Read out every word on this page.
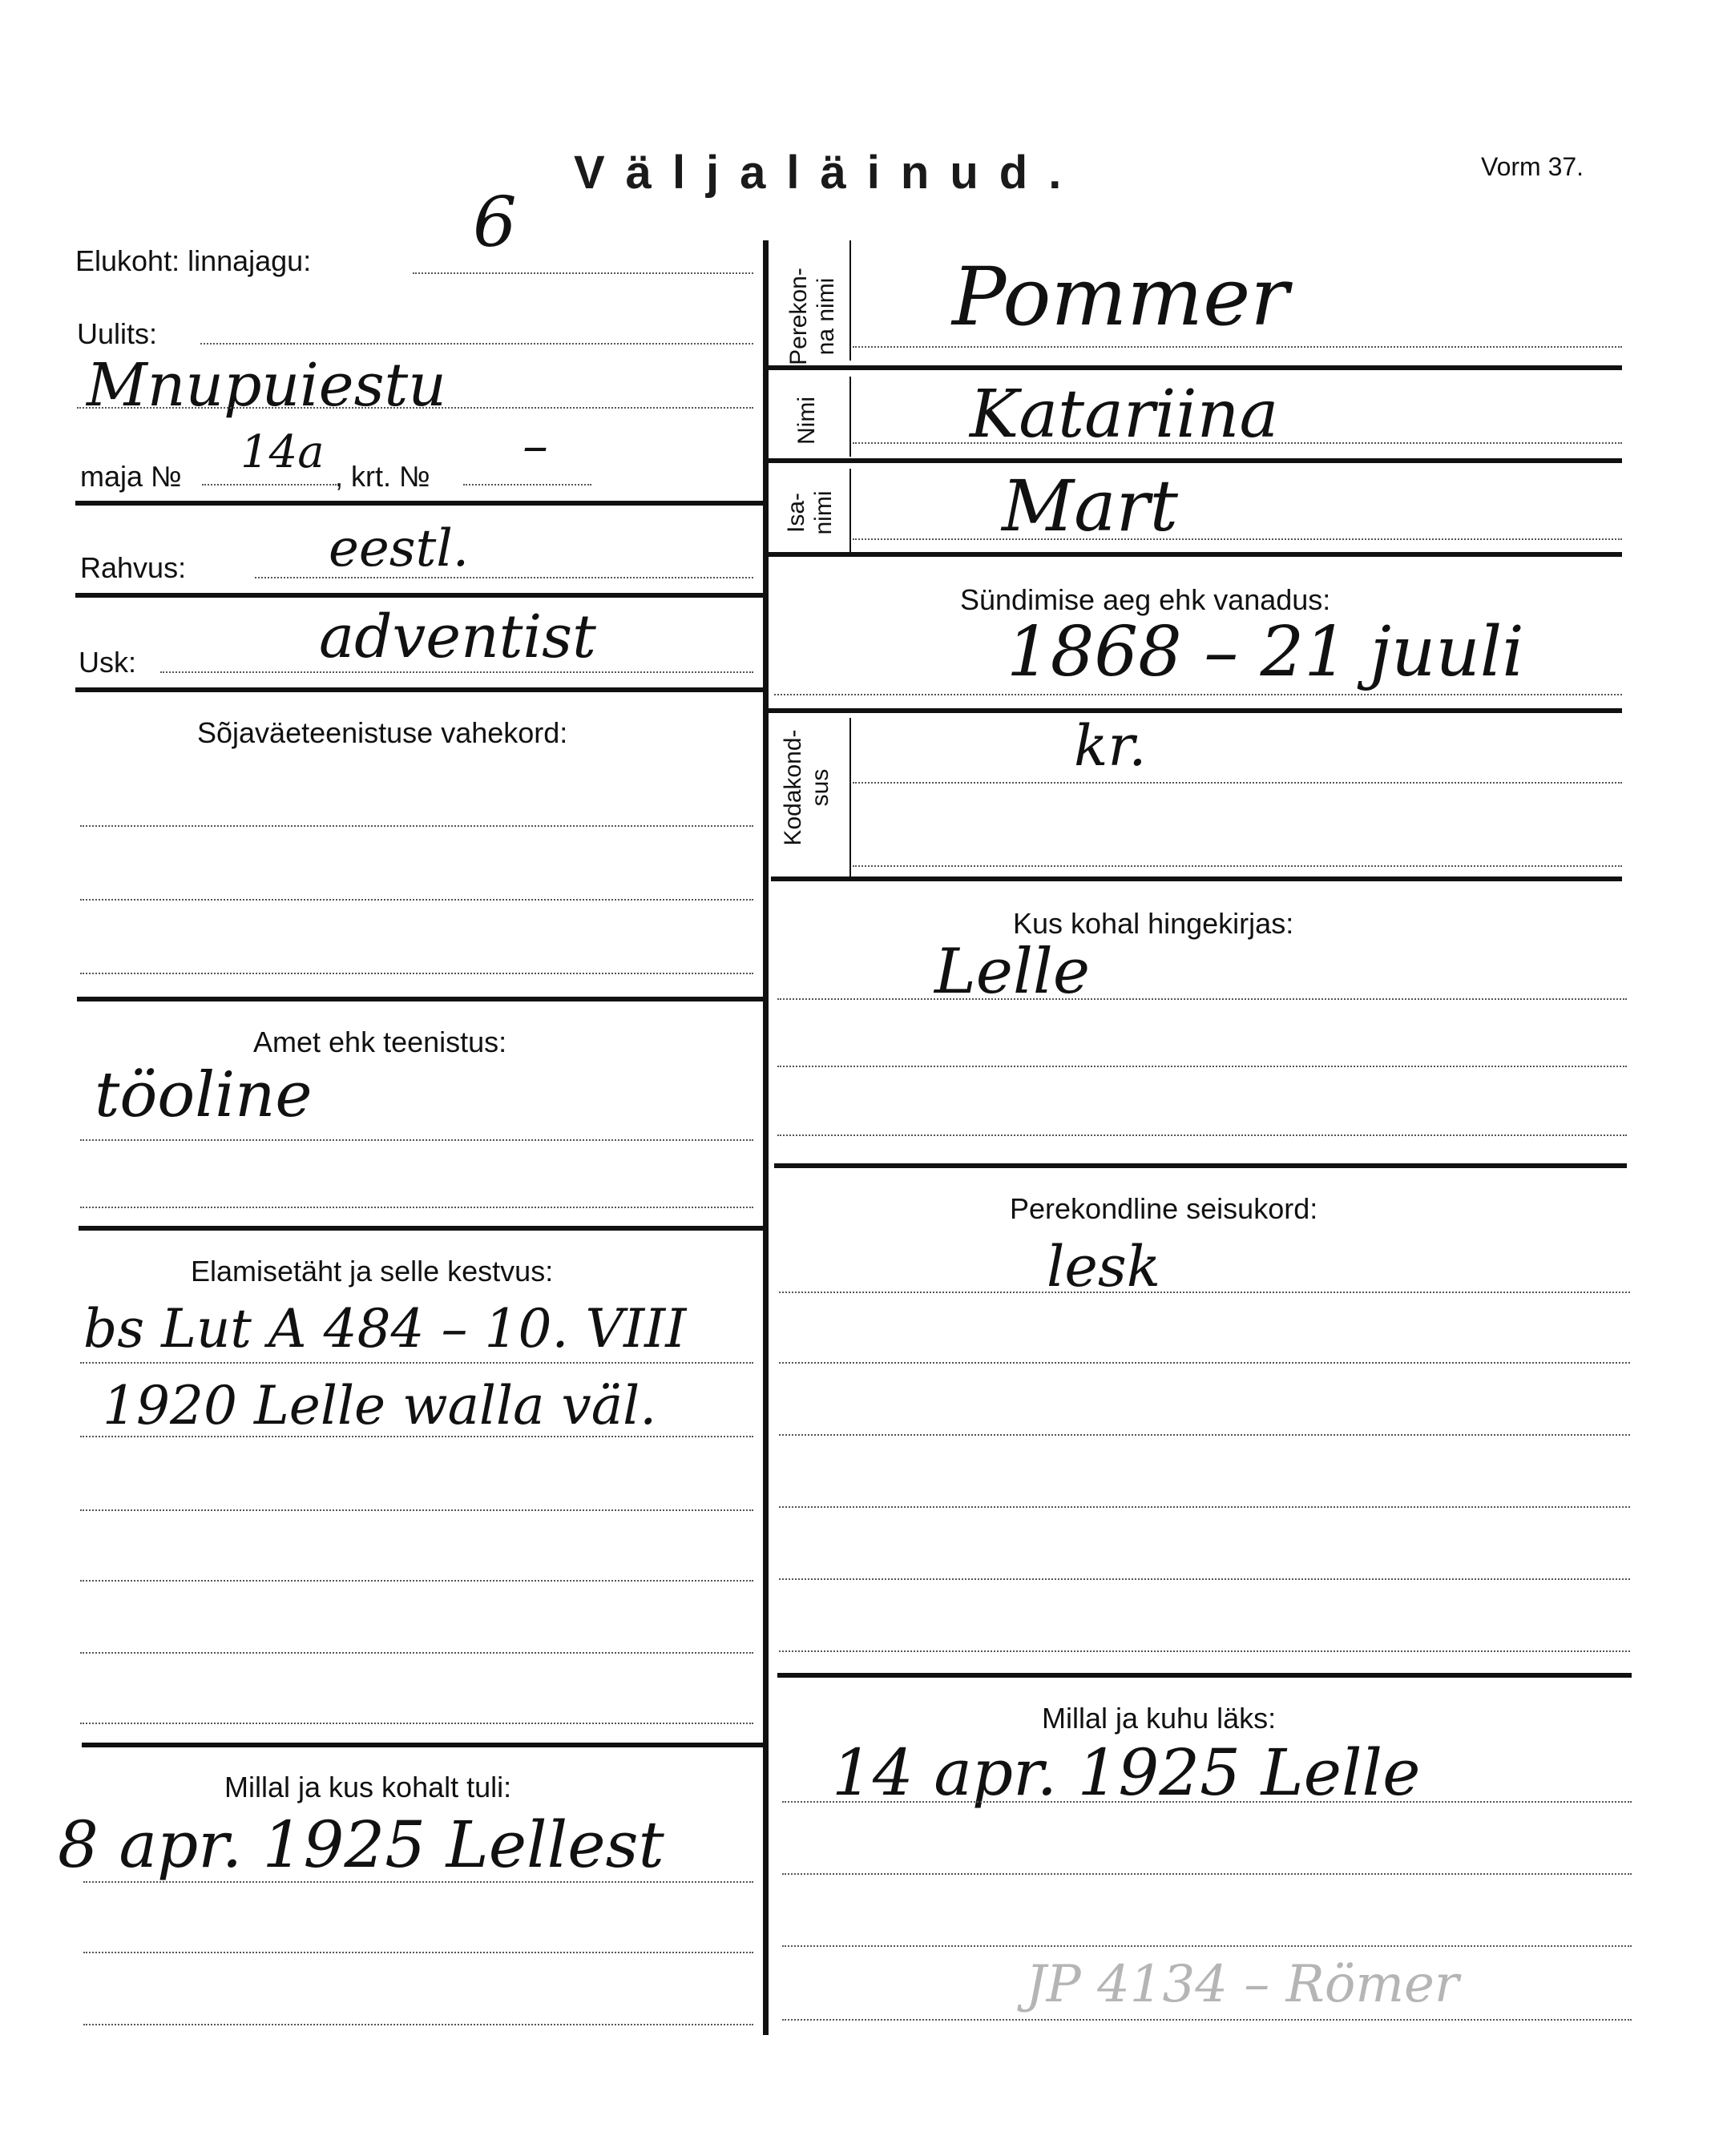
Väljaläinud.	Vorm 37.
Elukoht: linnajagu: 6
Uulits:
Mnupuiestu
maja № 14a , krt. №
–
Rahvus:	eestl.
Usk:	adventist
Sõjaväeteenistuse vahekord:
Amet ehk teenistus:
töoline
Elamisetäht ja selle kestvus:
bs Lut A 484 – 10. VIII
1920 Lelle walla väl.
Millal ja kus kohalt tuli:
8 apr. 1925 Lellest
Perekon-
na nimi Pommer
Nimi Katariina
Isa-
nimi Mart
Sündimise aeg ehk vanadus:
1868 – 21 juuli
Kodakond-
sus
kr.
Kus kohal hingekirjas:
Lelle
Perekondline seisukord:
lesk
Millal ja kuhu läks:
14 apr. 1925 Lelle
JP 4134 – Römer
